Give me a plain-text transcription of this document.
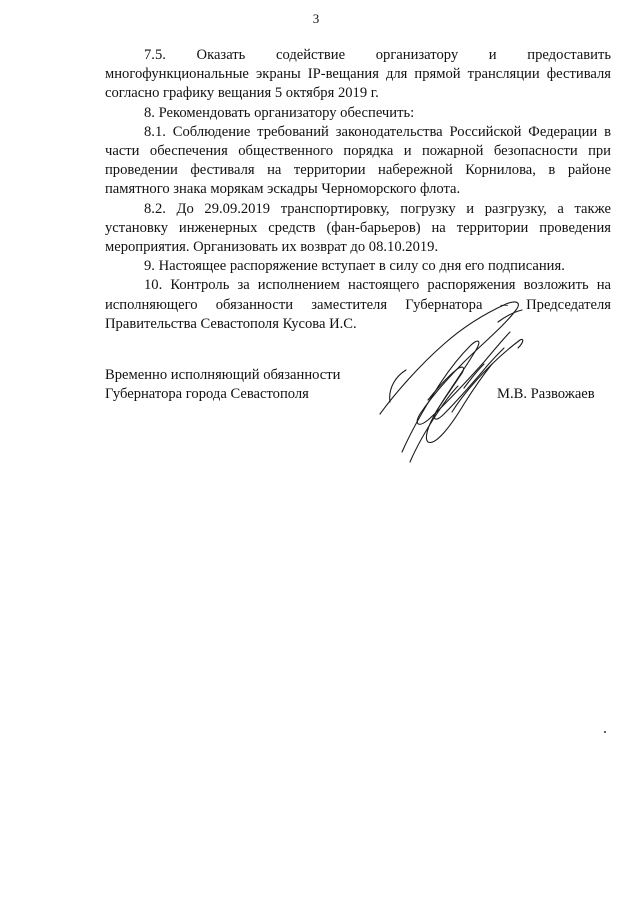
3

7.5. Оказать содействие организатору и предоставить многофункциональные экраны IP-вещания для прямой трансляции фестиваля согласно графику вещания 5 октября 2019 г.

8. Рекомендовать организатору обеспечить:

8.1. Соблюдение требований законодательства Российской Федерации в части обеспечения общественного порядка и пожарной безопасности при проведении фестиваля на территории набережной Корнилова, в районе памятного знака морякам эскадры Черноморского флота.

8.2. До 29.09.2019 транспортировку, погрузку и разгрузку, а также установку инженерных средств (фан-барьеров) на территории проведения мероприятия. Организовать их возврат до 08.10.2019.

9. Настоящее распоряжение вступает в силу со дня его подписания.

10. Контроль за исполнением настоящего распоряжения возложить на исполняющего обязанности заместителя Губернатора – Председателя Правительства Севастополя Кусова И.С.

Временно исполняющий обязанности
Губернатора города Севастополя	М.В. Развожаев
